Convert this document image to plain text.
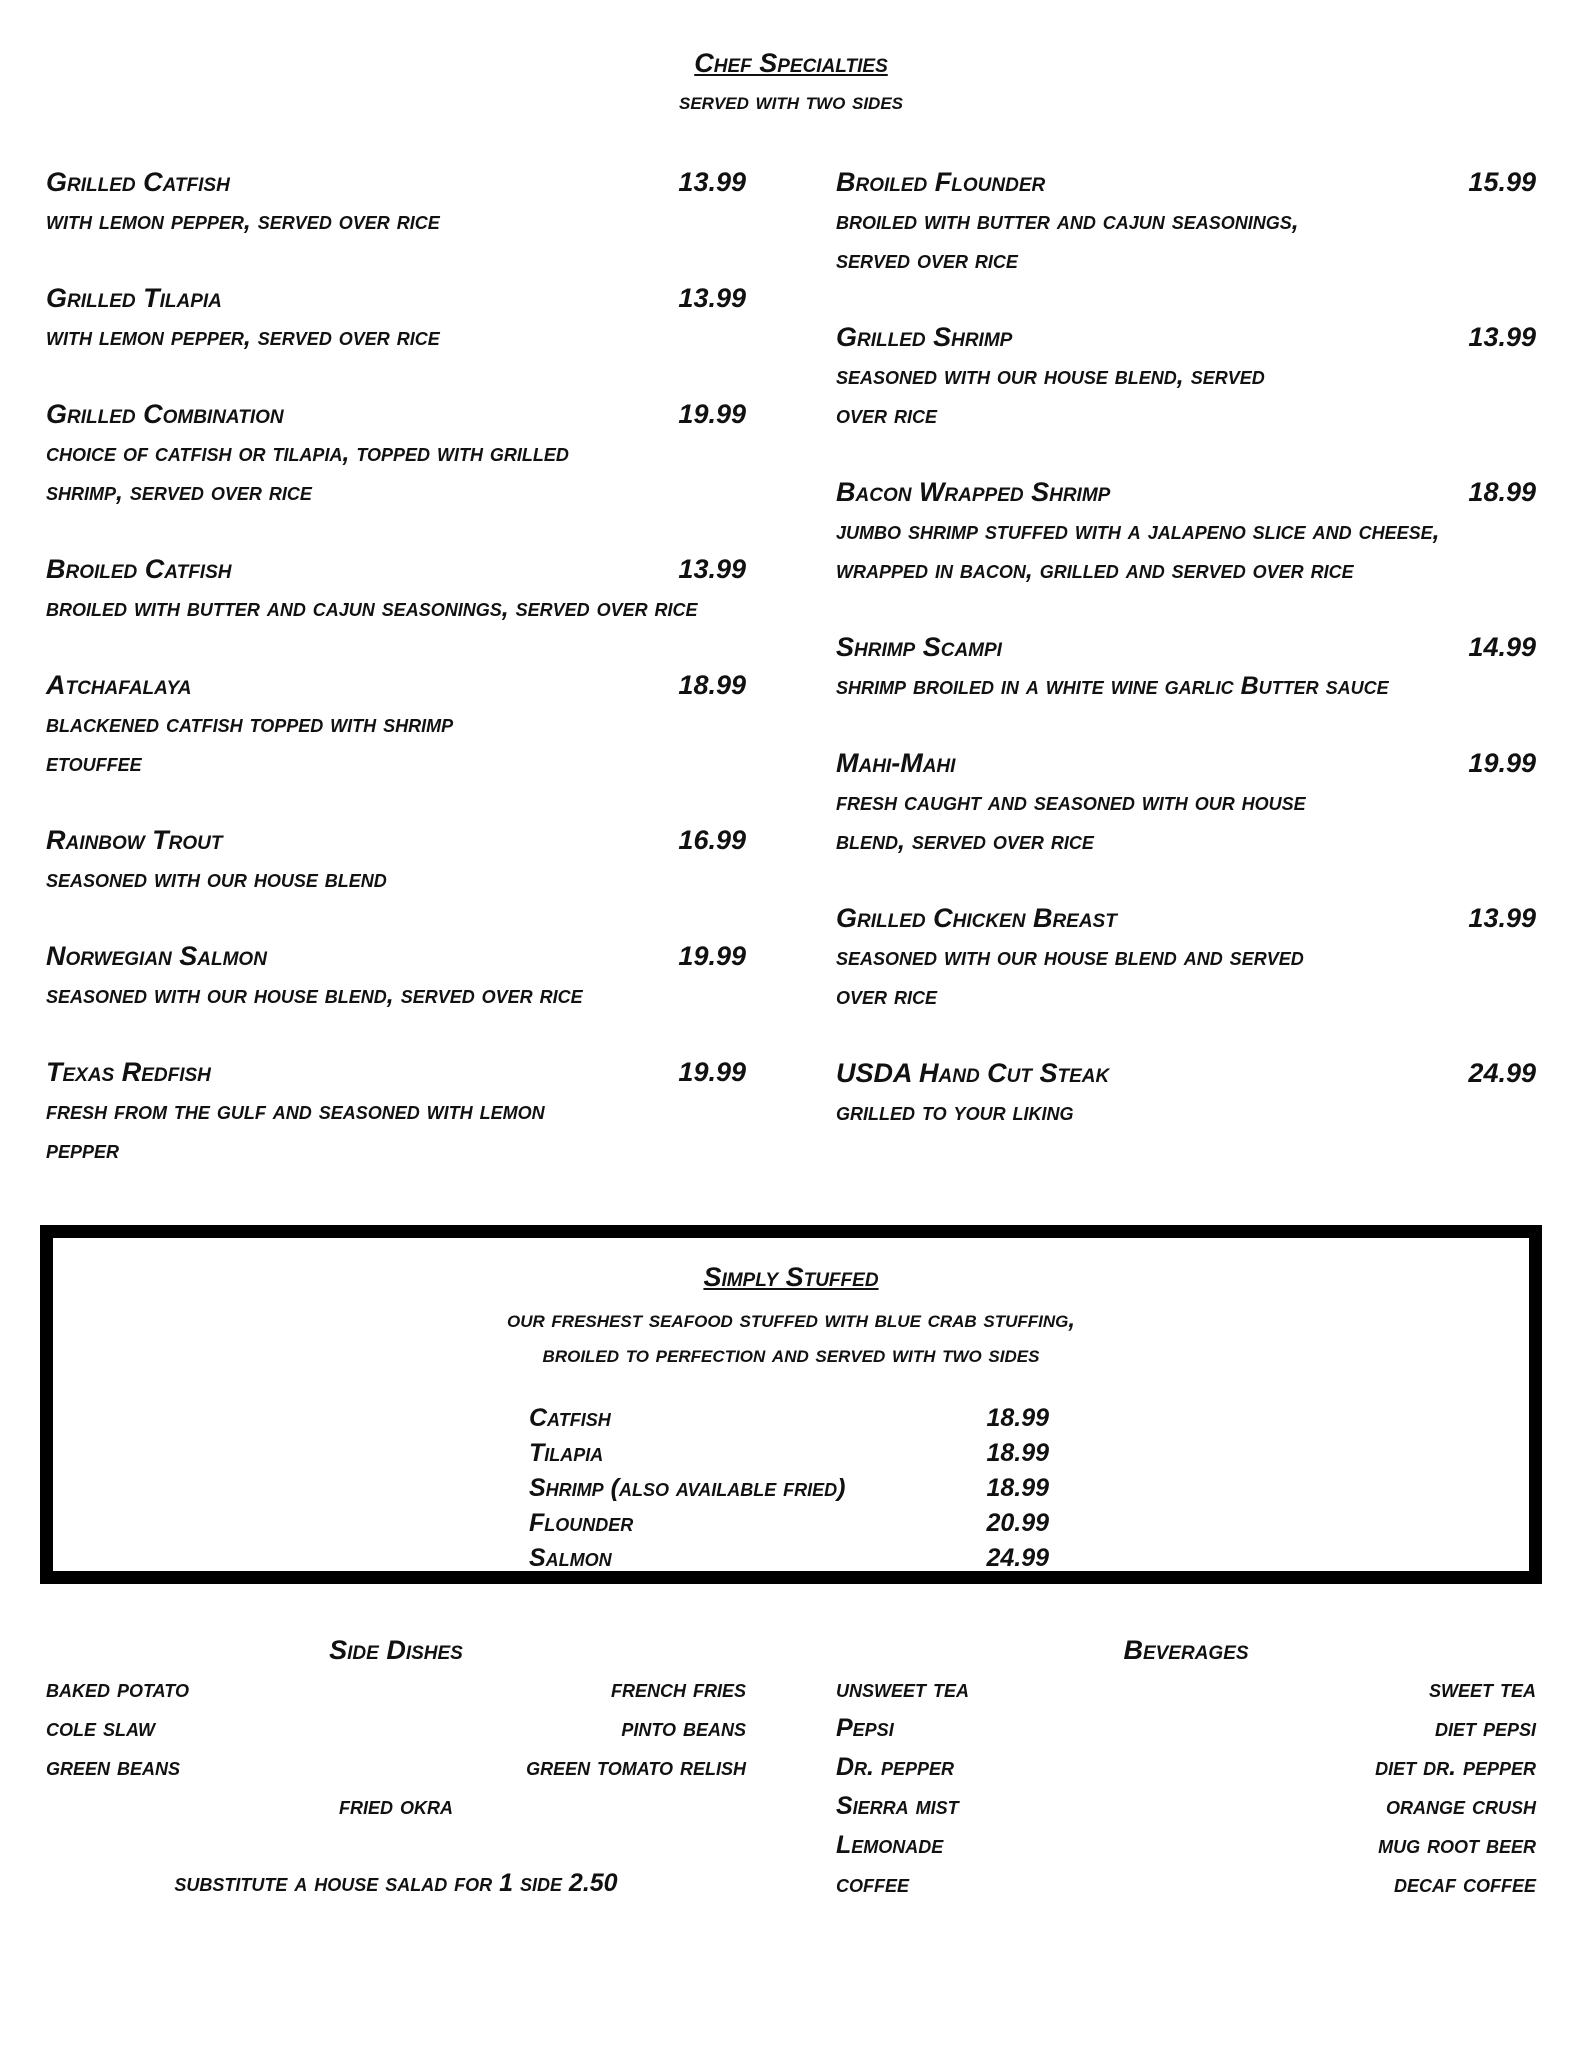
Chef Specialties
served with two sides
Grilled Catfish	13.99
with lemon pepper, served over rice
Grilled Tilapia	13.99
with lemon pepper, served over rice
Grilled Combination	19.99
choice of catfish or tilapia, topped with grilled shrimp, served over rice
Broiled Catfish	13.99
broiled with butter and cajun seasonings, served over rice
Atchafalaya	18.99
blackened catfish topped with shrimp etouffee
Rainbow Trout	16.99
seasoned with our house blend
Norwegian Salmon	19.99
seasoned with our house blend, served over rice
Texas Redfish	19.99
fresh from the gulf and seasoned with lemon pepper
Broiled Flounder	15.99
broiled with butter and cajun seasonings, served over rice
Grilled Shrimp	13.99
seasoned with our house blend, served over rice
Bacon Wrapped Shrimp	18.99
jumbo shrimp stuffed with a jalapeno slice and cheese, wrapped in bacon, grilled and served over rice
Shrimp Scampi	14.99
shrimp broiled in a white wine garlic Butter sauce
Mahi-Mahi	19.99
fresh caught and seasoned with our house blend, served over rice
Grilled Chicken Breast	13.99
seasoned with our house blend and served over rice
USDA Hand Cut Steak	24.99
grilled to your liking
Simply Stuffed
our freshest seafood stuffed with blue crab stuffing,
broiled to perfection and served with two sides
Catfish	18.99
Tilapia	18.99
Shrimp (also available fried)	18.99
Flounder	20.99
Salmon	24.99
Side Dishes
baked potato	french fries
cole slaw	pinto beans
green beans	green tomato relish
fried okra
substitute a house salad for 1 side 2.50
Beverages
unsweet tea	sweet tea
Pepsi	diet pepsi
Dr. pepper	diet dr. pepper
Sierra mist	orange crush
Lemonade	mug root beer
coffee	decaf coffee
